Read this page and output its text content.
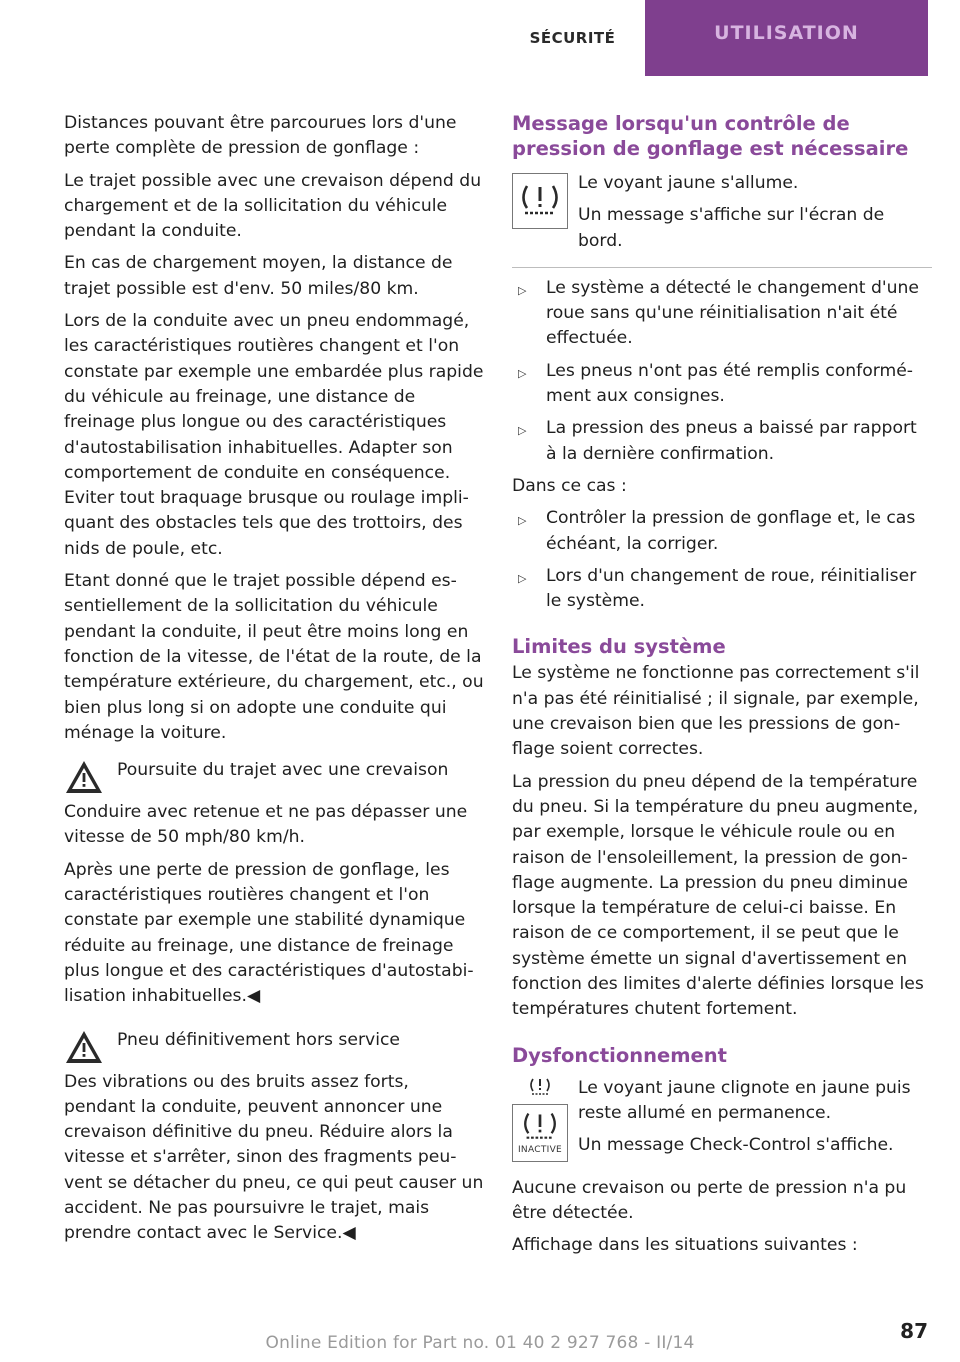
SÉCURITÉ	UTILISATION

Distances pouvant être parcourues lors d'une perte complète de pression de gonflage :

Le trajet possible avec une crevaison dépend du chargement et de la sollicitation du véhicule pendant la conduite.

En cas de chargement moyen, la distance de trajet possible est d'env. 50 miles/80 km.

Lors de la conduite avec un pneu endommagé, les caractéristiques routières changent et l'on constate par exemple une embardée plus rapide du véhicule au freinage, une distance de freinage plus longue ou des caractéristiques d'autostabilisation inhabituelles. Adapter son comportement de conduite en conséquence. Eviter tout braquage brusque ou roulage impliquant des obstacles tels que des trottoirs, des nids de poule, etc.

Etant donné que le trajet possible dépend essentiellement de la sollicitation du véhicule pendant la conduite, il peut être moins long en fonction de la vitesse, de l'état de la route, de la température extérieure, du chargement, etc., ou bien plus long si on adopte une conduite qui ménage la voiture.

Poursuite du trajet avec une crevaison

Conduire avec retenue et ne pas dépasser une vitesse de 50 mph/80 km/h.

Après une perte de pression de gonflage, les caractéristiques routières changent et l'on constate par exemple une stabilité dynamique réduite au freinage, une distance de freinage plus longue et des caractéristiques d'autostabilisation inhabituelles.◀

Pneu définitivement hors service

Des vibrations ou des bruits assez forts, pendant la conduite, peuvent annoncer une crevaison définitive du pneu. Réduire alors la vitesse et s'arrêter, sinon des fragments peuvent se détacher du pneu, ce qui peut causer un accident. Ne pas poursuivre le trajet, mais prendre contact avec le Service.◀

Message lorsqu'un contrôle de pression de gonflage est nécessaire

Le voyant jaune s'allume.

Un message s'affiche sur l'écran de bord.

▷ Le système a détecté le changement d'une roue sans qu'une réinitialisation n'ait été effectuée.
▷ Les pneus n'ont pas été remplis conformément aux consignes.
▷ La pression des pneus a baissé par rapport à la dernière confirmation.

Dans ce cas :

▷ Contrôler la pression de gonflage et, le cas échéant, la corriger.
▷ Lors d'un changement de roue, réinitialiser le système.
Limites du système

Le système ne fonctionne pas correctement s'il n'a pas été réinitialisé ; il signale, par exemple, une crevaison bien que les pressions de gonflage soient correctes.

La pression du pneu dépend de la température du pneu. Si la température du pneu augmente, par exemple, lorsque le véhicule roule ou en raison de l'ensoleillement, la pression de gonflage augmente. La pression du pneu diminue lorsque la température de celui-ci baisse. En raison de ce comportement, il se peut que le système émette un signal d'avertissement en fonction des limites d'alerte définies lorsque les températures chutent fortement.

Dysfonctionnement
INACTIVE

Le voyant jaune clignote en jaune puis reste allumé en permanence.

Un message Check-Control s'affiche.

Aucune crevaison ou perte de pression n'a pu être détectée.

Affichage dans les situations suivantes :

87
Online Edition for Part no. 01 40 2 927 768 - II/14
